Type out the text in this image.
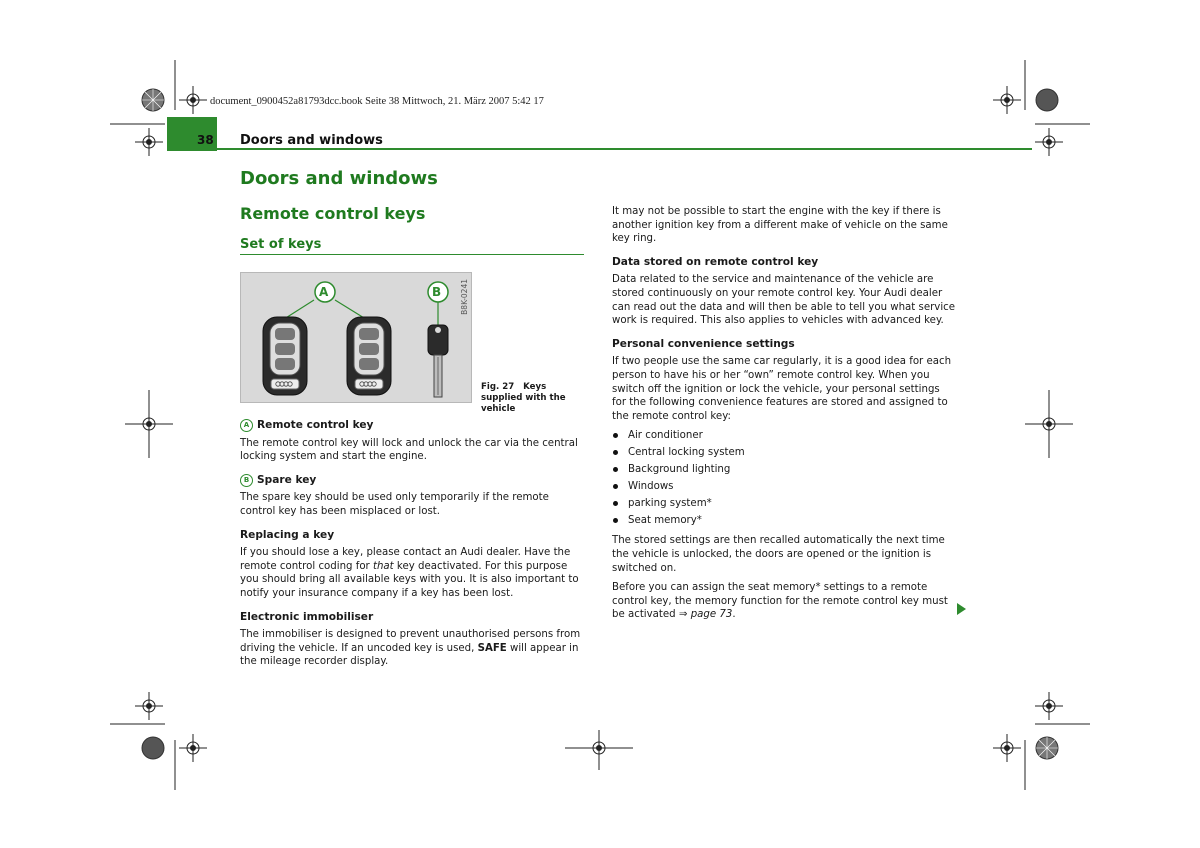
document_0900452a81793dcc.book Seite 38 Mittwoch, 21. März 2007 5:42 17
38 Doors and windows
Doors and windows
Remote control keys
Set of keys
A	B	B8K-0241
Fig. 27 Keys supplied with the vehicle

A Remote control key

The remote control key will lock and unlock the car via the central locking system and start the engine.

B Spare key

The spare key should be used only temporarily if the remote control key has been misplaced or lost.

Replacing a key

If you should lose a key, please contact an Audi dealer. Have the remote control coding for that key deactivated. For this purpose you should bring all available keys with you. It is also important to notify your insurance company if a key has been lost.

Electronic immobiliser

The immobiliser is designed to prevent unauthorised persons from driving the vehicle. If an uncoded key is used, SAFE will appear in the mileage recorder display.

It may not be possible to start the engine with the key if there is another ignition key from a different make of vehicle on the same key ring.

Data stored on remote control key

Data related to the service and maintenance of the vehicle are stored continuously on your remote control key. Your Audi dealer can read out the data and will then be able to tell you what service work is required. This also applies to vehicles with advanced key.

Personal convenience settings

If two people use the same car regularly, it is a good idea for each person to have his or her “own” remote control key. When you switch off the ignition or lock the vehicle, your personal settings for the following convenience features are stored and assigned to the remote control key:

Air conditioner
Central locking system
Background lighting
Windows
parking system*
Seat memory*

The stored settings are then recalled automatically the next time the vehicle is unlocked, the doors are opened or the ignition is switched on.

Before you can assign the seat memory* settings to a remote control key, the memory function for the remote control key must be activated ⇒ page 73.
